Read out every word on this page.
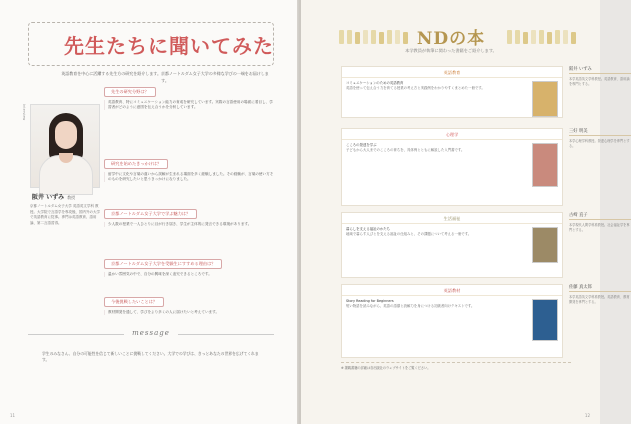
先生たちに聞いてみた
英語教育を中心に活躍する先生方の研究を紹介します。京都ノートルダム女子大学の多様な学びの一端をお届けします。
Interview
阪井 いずみ 教授
京都ノートルダム女子大学 英語英文学科 教授。大学院で言語学を専攻後、国内外の大学で英語教育に従事。専門は英語教育、語用論、第二言語習得。
先生の研究分野は？
英語教育、特にコミュニケーション能力の育成を研究しています。実際の言語使用の場面に着目し、学習者がどのように意図を伝え合うかを分析しています。
研究を始めたきっかけは？
留学中に文化や言葉の違いから誤解が生まれる場面を多く経験しました。その経験が、言葉の使い方そのものを研究したいと思うきっかけになりました。
京都ノートルダム女子大学で学ぶ魅力は？
少人数の授業で一人ひとりに目が行き届き、学生が主体的に発言できる環境があります。
京都ノートルダム女子大学を受験生にすすめる理由は？
温かい雰囲気の中で、自分の興味を深く追究できるところです。
今後挑戦したいことは？
教材開発を通して、学びをより多くの人に届けたいと考えています。
message
学生のみなさん、自分の可能性を信じて新しいことに挑戦してください。大学での学びは、きっとあなたの世界を広げてくれます。
11
NDの本
本学教員が執筆に関わった書籍をご紹介します。
英語教育
コミュニケーションのための英語教育
英語を使って伝え合う力を育てる授業の考え方と実践例をわかりやすくまとめた一冊です。
阪井 いずみ
本学英語英文学科教授。英語教育、語用論を専門とする。
心理学
こころの発達を学ぶ
子どもから大人までのこころの育ちを、具体例とともに解説した入門書です。
三好 明美
本学心理学科教授。発達心理学を専門とする。
生活福祉
暮らしを支える福祉のかたち
地域で暮らす人びとを支える福祉の仕組みと、その課題について考える一冊です。
古崎 直子
本学現代人間学科准教授。社会福祉学を専門とする。
英語教材
Story Reading for Beginners
短い物語を読みながら、英語の語彙と読解力を身につける初級者向けテキストです。
佐藤 真太郎
本学英語英文学科准教授。英語教育、教材開発を専門とする。
※ 掲載書籍の詳細は各出版社のウェブサイトをご覧ください。
12
